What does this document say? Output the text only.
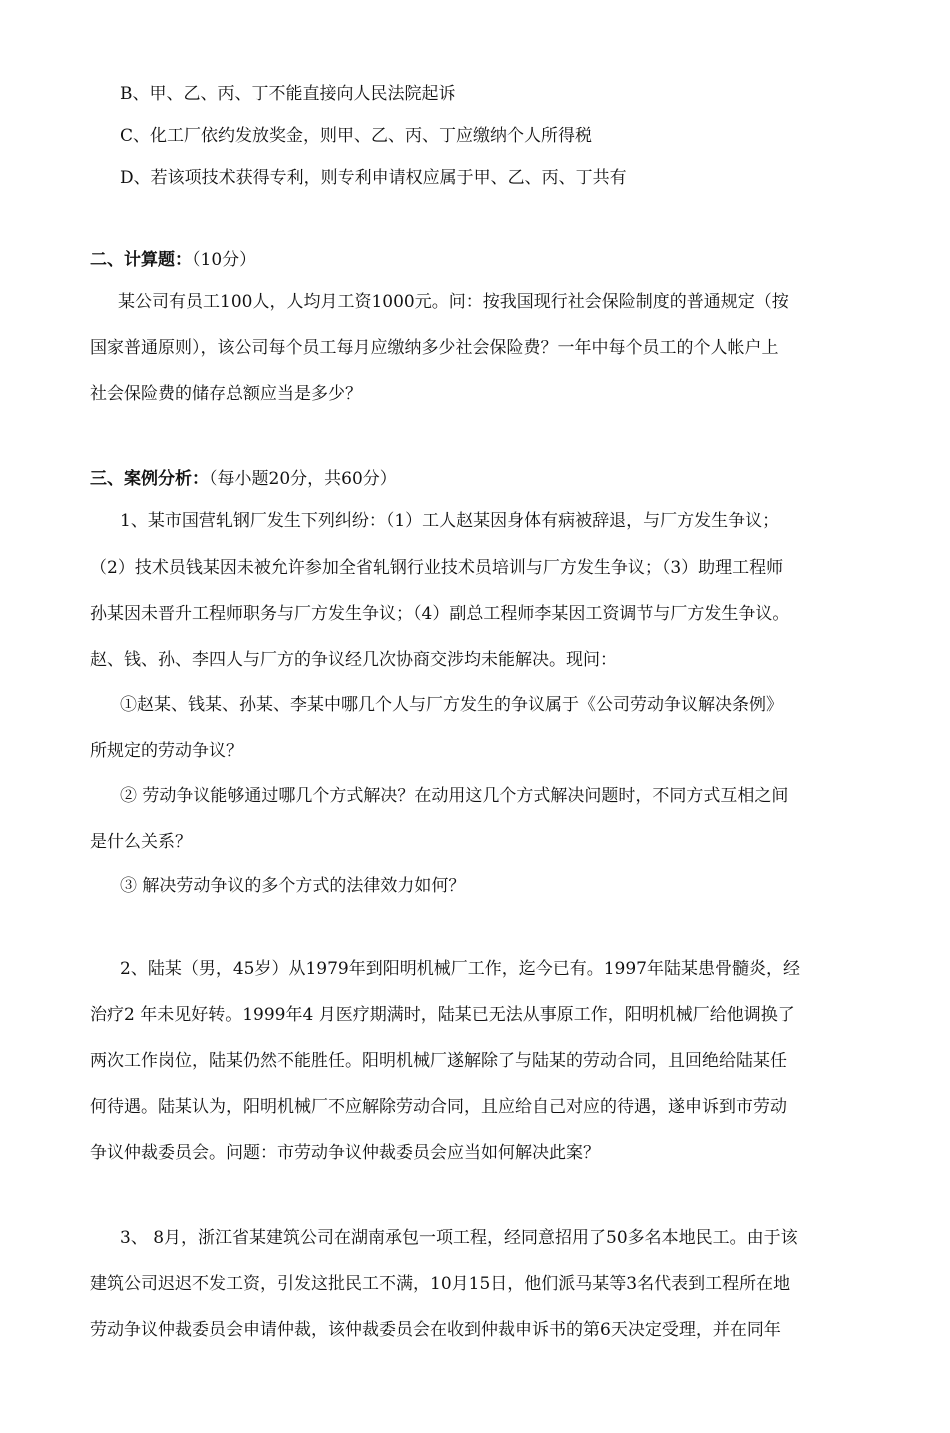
B、甲、乙、丙、丁不能直接向人民法院起诉
C、化工厂依约发放奖金，则甲、乙、丙、丁应缴纳个人所得税
D、若该项技术获得专利，则专利申请权应属于甲、乙、丙、丁共有
二、计算题：（10分）
某公司有员工100人，人均月工资1000元。问：按我国现行社会保险制度的普通规定（按
国家普通原则），该公司每个员工每月应缴纳多少社会保险费？一年中每个员工的个人帐户上
社会保险费的储存总额应当是多少？
三、案例分析：（每小题20分，共60分）
1、某市国营轧钢厂发生下列纠纷：（1）工人赵某因身体有病被辞退，与厂方发生争议；
（2）技术员钱某因未被允许参加全省轧钢行业技术员培训与厂方发生争议；（3）助理工程师
孙某因未晋升工程师职务与厂方发生争议；（4）副总工程师李某因工资调节与厂方发生争议。
赵、钱、孙、李四人与厂方的争议经几次协商交涉均未能解决。现问：
①赵某、钱某、孙某、李某中哪几个人与厂方发生的争议属于《公司劳动争议解决条例》
所规定的劳动争议？
② 劳动争议能够通过哪几个方式解决？在动用这几个方式解决问题时，不同方式互相之间
是什么关系？
③ 解决劳动争议的多个方式的法律效力如何？
2、陆某（男，45岁）从1979年到阳明机械厂工作，迄今已有。1997年陆某患骨髓炎，经
治疗2 年未见好转。1999年4 月医疗期满时，陆某已无法从事原工作，阳明机械厂给他调换了
两次工作岗位，陆某仍然不能胜任。阳明机械厂遂解除了与陆某的劳动合同，且回绝给陆某任
何待遇。陆某认为，阳明机械厂不应解除劳动合同，且应给自己对应的待遇，遂申诉到市劳动
争议仲裁委员会。问题：市劳动争议仲裁委员会应当如何解决此案？
3、 8月，浙江省某建筑公司在湖南承包一项工程，经同意招用了50多名本地民工。由于该
建筑公司迟迟不发工资，引发这批民工不满，10月15日，他们派马某等3名代表到工程所在地
劳动争议仲裁委员会申请仲裁，该仲裁委员会在收到仲裁申诉书的第6天决定受理，并在同年
